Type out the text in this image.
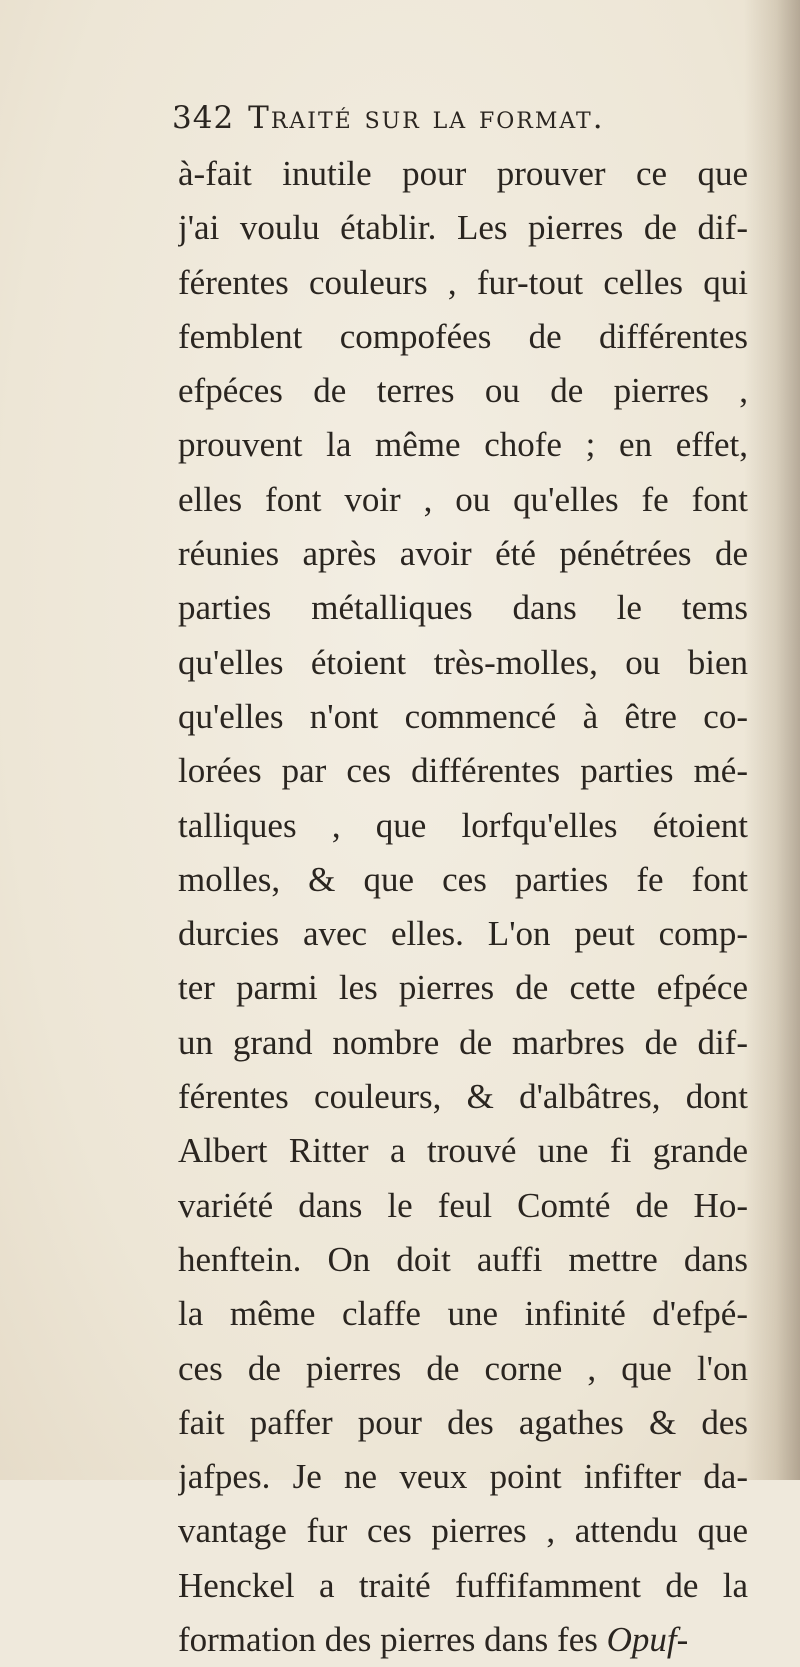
342 Traité sur la format.
à-fait inutile pour prouver ce que
j'ai voulu établir. Les pierres de dif-
férentes couleurs , fur-tout celles qui
femblent compofées de différentes
efpéces de terres ou de pierres ,
prouvent la même chofe ; en effet,
elles font voir , ou qu'elles fe font
réunies après avoir été pénétrées de
parties métalliques dans le tems
qu'elles étoient très-molles, ou bien
qu'elles n'ont commencé à être co-
lorées par ces différentes parties mé-
talliques , que lorfqu'elles étoient
molles, & que ces parties fe font
durcies avec elles. L'on peut comp-
ter parmi les pierres de cette efpéce
un grand nombre de marbres de dif-
férentes couleurs, & d'albâtres, dont
Albert Ritter a trouvé une fi grande
variété dans le feul Comté de Ho-
henftein. On doit auffi mettre dans
la même claffe une infinité d'efpé-
ces de pierres de corne , que l'on
fait paffer pour des agathes & des
jafpes. Je ne veux point infifter da-
vantage fur ces pierres , attendu que
Henckel a traité fuffifamment de la
formation des pierres dans fes Opuf-
